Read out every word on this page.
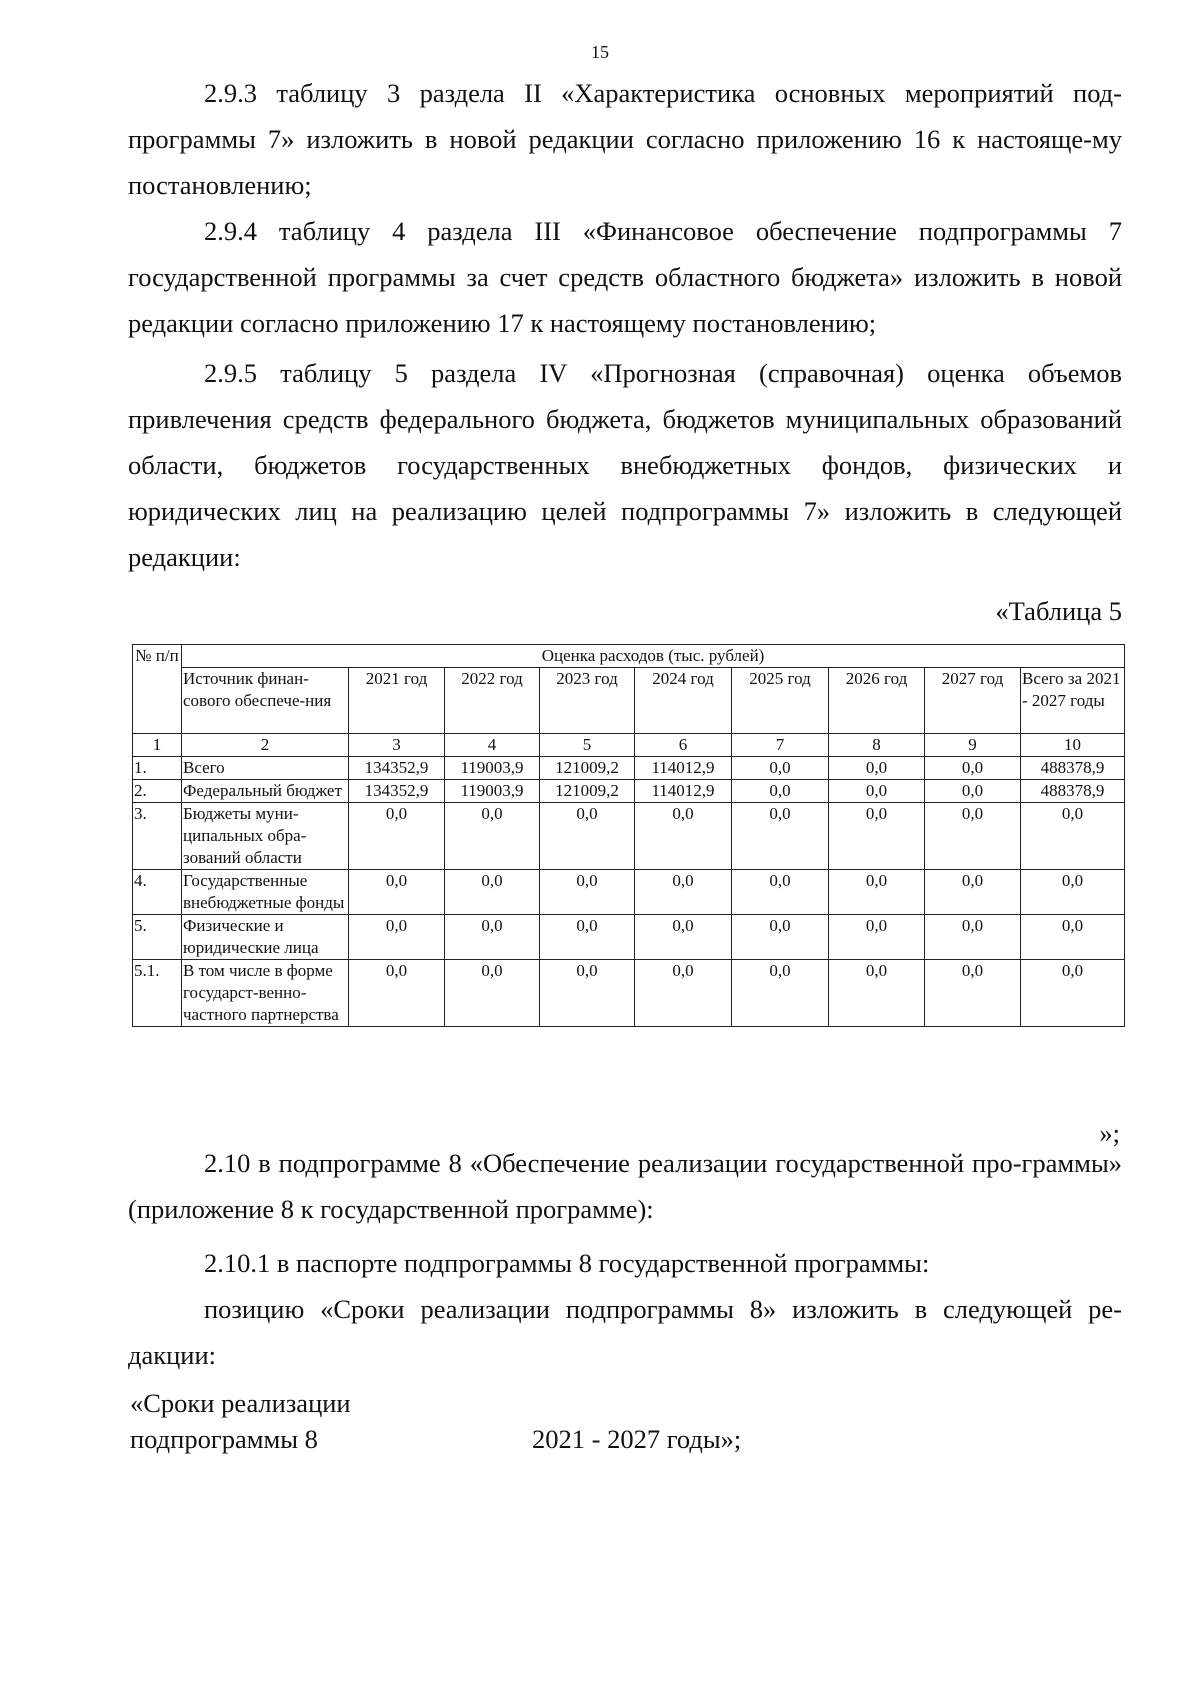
15

2.9.3 таблицу 3 раздела II «Характеристика основных мероприятий под-программы 7» изложить в новой редакции согласно приложению 16 к настояще-му постановлению;

2.9.4 таблицу 4 раздела III «Финансовое обеспечение подпрограммы 7 государственной программы за счет средств областного бюджета» изложить в новой редакции согласно приложению 17 к настоящему постановлению;

2.9.5 таблицу 5 раздела IV «Прогнозная (справочная) оценка объемов привлечения средств федерального бюджета, бюджетов муниципальных образований области, бюджетов государственных внебюджетных фондов, физических и юридических лиц на реализацию целей подпрограммы 7» изложить в следующей редакции:

«Таблица 5
№ п/п	Оценка расходов (тыс. рублей)								
	Источник финан-сового обеспече-ния	2021 год	2022 год	2023 год	2024 год	2025 год	2026 год	2027 год	Всего за 2021 - 2027 годы
1	2	3	4	5	6	7	8	9	10
1.	Всего	134352,9	119003,9	121009,2	114012,9	0,0	0,0	0,0	488378,9
2.	Федеральный бюджет	134352,9	119003,9	121009,2	114012,9	0,0	0,0	0,0	488378,9
3.	Бюджеты муни-ципальных обра-зований области	0,0	0,0	0,0	0,0	0,0	0,0	0,0	0,0
4.	Государственные внебюджетные фонды	0,0	0,0	0,0	0,0	0,0	0,0	0,0	0,0
5.	Физические и юридические лица	0,0	0,0	0,0	0,0	0,0	0,0	0,0	0,0
5.1.	В том числе в форме государст-венно-частного партнерства	0,0	0,0	0,0	0,0	0,0	0,0	0,0	0,0
»;

2.10 в подпрограмме 8 «Обеспечение реализации государственной про-граммы» (приложение 8 к государственной программе):

2.10.1 в паспорте подпрограммы 8 государственной программы:

позицию «Сроки реализации подпрограммы 8» изложить в следующей ре-дакции:

«Сроки реализации
подпрограммы 8	2021 - 2027 годы»;
